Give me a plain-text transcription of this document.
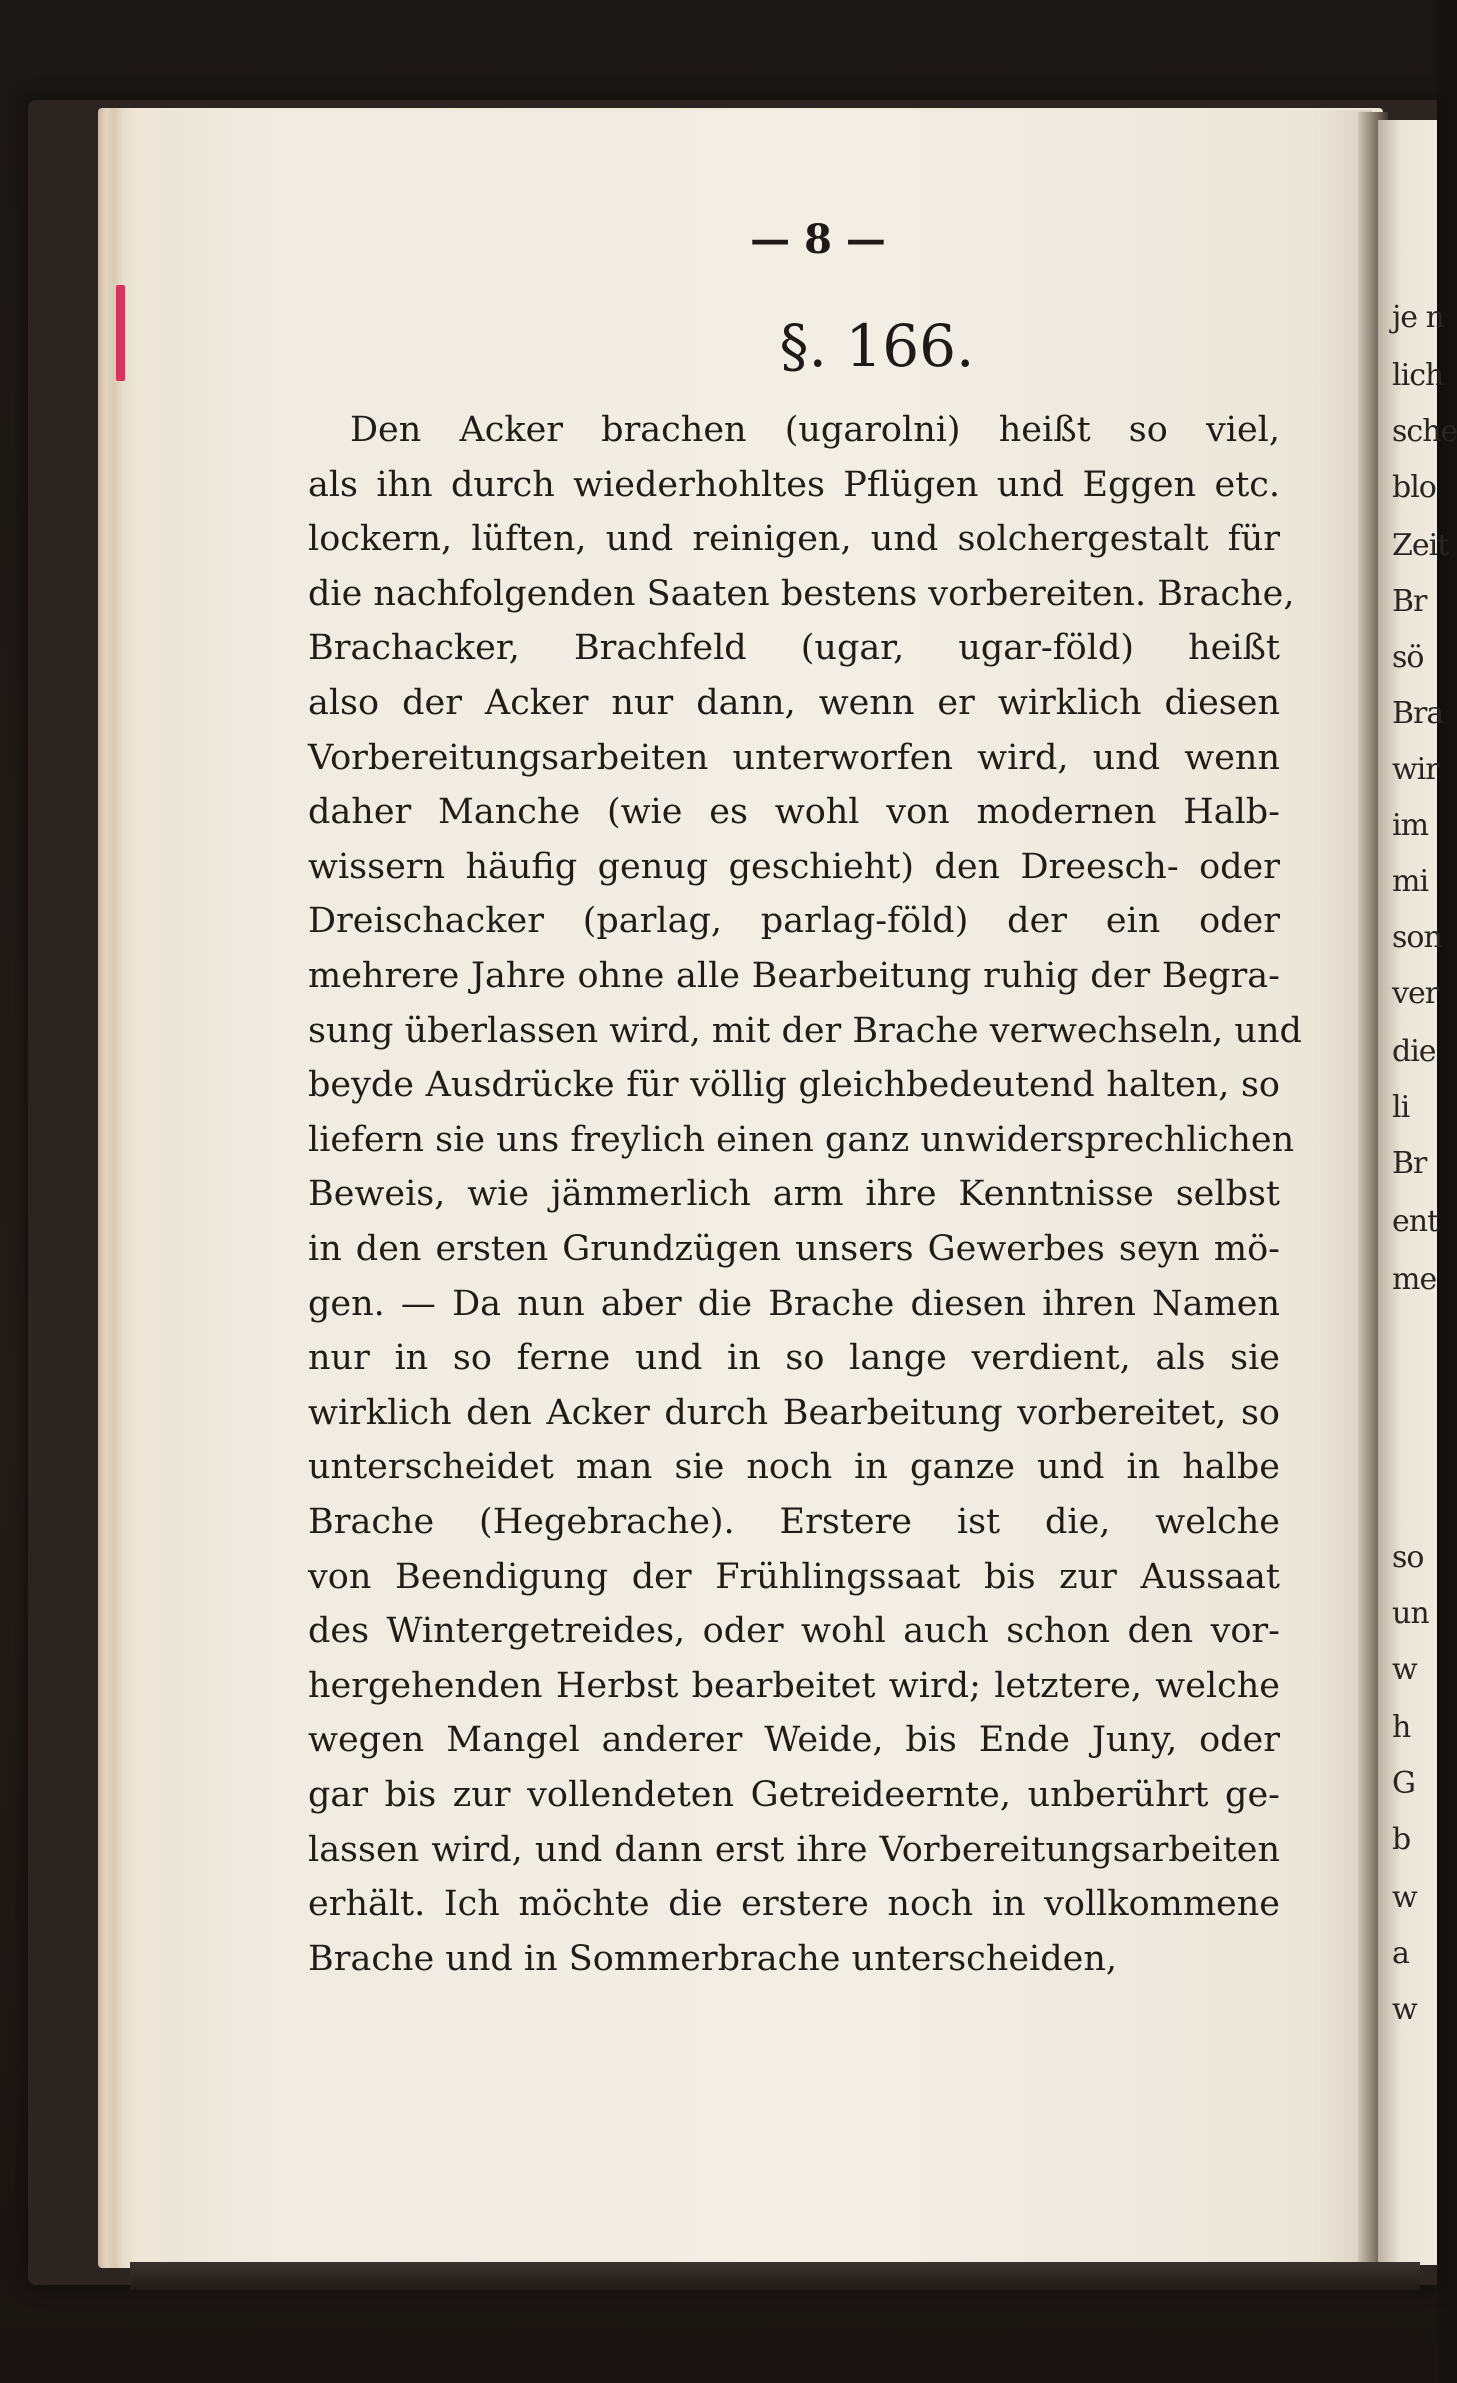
je n
lich
sche
blo
Zeit
Br
sö
Bra
wir
im
mi
son
ver
die
li
Br
ent
me
so
un
w
h
G
b
w
a
w
— 8 —
§. 166.
Den Acker brachen (ugarolni) heißt so viel,
als ihn durch wiederhohltes Pflügen und Eggen etc.
lockern, lüften, und reinigen, und solchergestalt für
die nachfolgenden Saaten bestens vorbereiten. Brache,
Brachacker, Brachfeld (ugar, ugar-föld) heißt
also der Acker nur dann, wenn er wirklich diesen
Vorbereitungsarbeiten unterworfen wird, und wenn
daher Manche (wie es wohl von modernen Halb-
wissern häufig genug geschieht) den Dreesch- oder
Dreischacker (parlag, parlag-föld) der ein oder
mehrere Jahre ohne alle Bearbeitung ruhig der Begra-
sung überlassen wird, mit der Brache verwechseln, und
beyde Ausdrücke für völlig gleichbedeutend halten, so
liefern sie uns freylich einen ganz unwidersprechlichen
Beweis, wie jämmerlich arm ihre Kenntnisse selbst
in den ersten Grundzügen unsers Gewerbes seyn mö-
gen. — Da nun aber die Brache diesen ihren Namen
nur in so ferne und in so lange verdient, als sie
wirklich den Acker durch Bearbeitung vorbereitet, so
unterscheidet man sie noch in ganze und in halbe
Brache (Hegebrache). Erstere ist die, welche
von Beendigung der Frühlingssaat bis zur Aussaat
des Wintergetreides, oder wohl auch schon den vor-
hergehenden Herbst bearbeitet wird; letztere, welche
wegen Mangel anderer Weide, bis Ende Juny, oder
gar bis zur vollendeten Getreideernte, unberührt ge-
lassen wird, und dann erst ihre Vorbereitungsarbeiten
erhält. Ich möchte die erstere noch in vollkommene
Brache und in Sommerbrache unterscheiden,
